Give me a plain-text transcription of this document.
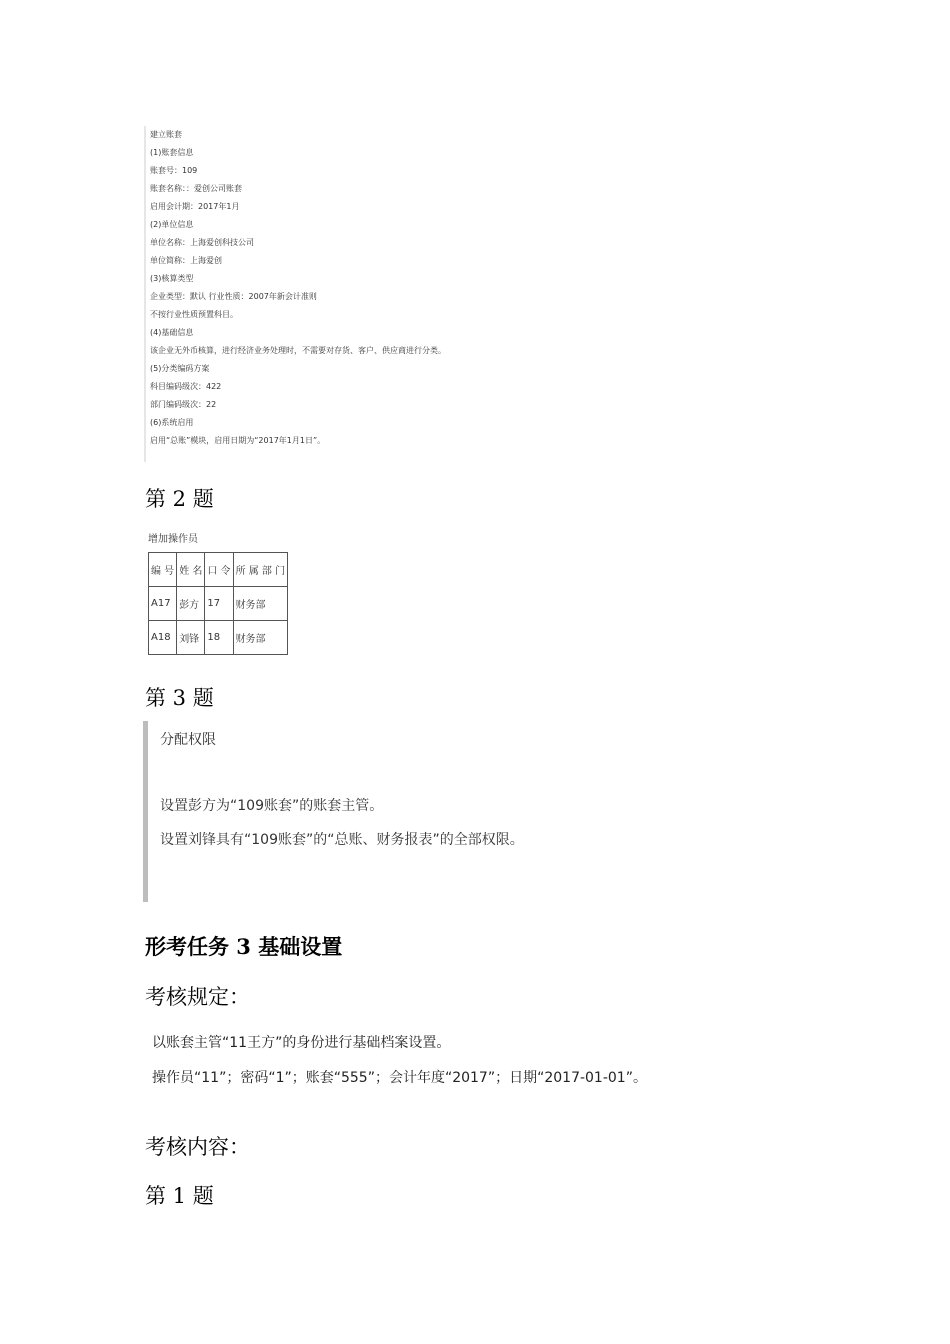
建立账套
(1)账套信息
账套号：109
账套名称：：爱创公司账套
启用会计期：2017年1月
(2)单位信息
单位名称：上海爱创科技公司
单位简称：上海爱创
(3)核算类型
企业类型：默认 行业性质：2007年新会计准则
不按行业性质预置科目。
(4)基础信息
该企业无外币核算，进行经济业务处理时，不需要对存货、客户、供应商进行分类。
(5)分类编码方案
科目编码级次：422
部门编码级次：22
(6)系统启用
启用“总账”模块，启用日期为“2017年1月1日”。
第 2 题
增加操作员
编 号	姓 名	口 令	所 属 部 门
A17	彭方	17	财务部
A18	刘锋	18	财务部
第 3 题
分配权限
设置彭方为“109账套”的账套主管。
设置刘锋具有“109账套”的“总账、财务报表”的全部权限。
形考任务 3 基础设置
考核规定：
以账套主管“11王方”的身份进行基础档案设置。
操作员“11”；密码“1”；账套“555”；会计年度“2017”；日期“2017-01-01”。
考核内容：
第 1 题
